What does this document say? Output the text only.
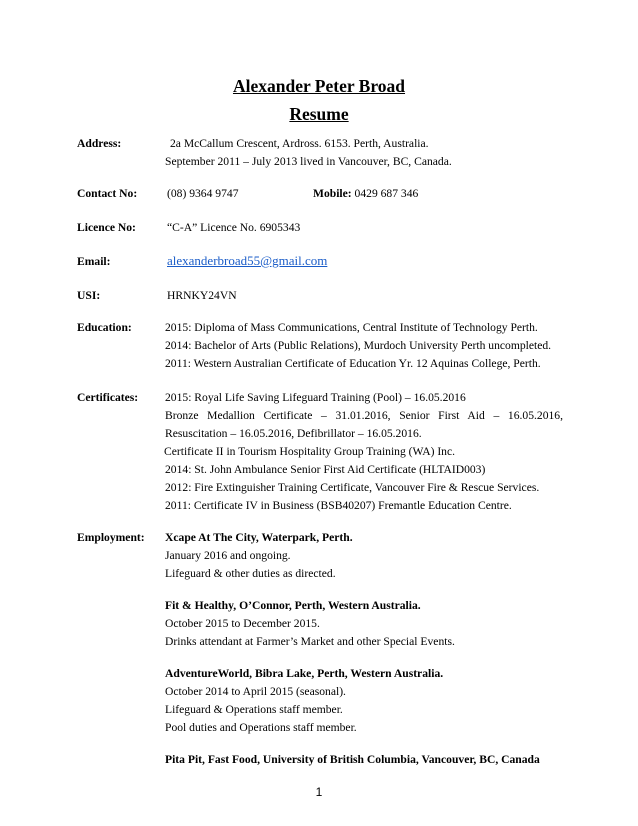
Alexander Peter Broad
Resume
Address:	2a McCallum Crescent, Ardross. 6153. Perth, Australia.
September 2011 – July 2013 lived in Vancouver, BC, Canada.
Contact No:	(08) 9364 9747	Mobile: 0429 687 346
Licence No:	“C-A” Licence No. 6905343
Email:	alexanderbroad55@gmail.com
USI:	HRNKY24VN
Education:	2015: Diploma of Mass Communications, Central Institute of Technology Perth.
2014: Bachelor of Arts (Public Relations), Murdoch University Perth uncompleted.
2011: Western Australian Certificate of Education Yr. 12 Aquinas College, Perth.
Certificates: 2015: Royal Life Saving Lifeguard Training (Pool) – 16.05.2016
Bronze Medallion Certificate – 31.01.2016, Senior First Aid – 16.05.2016,
Resuscitation – 16.05.2016, Defibrillator – 16.05.2016.
Certificate II in Tourism Hospitality Group Training (WA) Inc.
2014: St. John Ambulance Senior First Aid Certificate (HLTAID003)
2012: Fire Extinguisher Training Certificate, Vancouver Fire & Rescue Services.
2011: Certificate IV in Business (BSB40207) Fremantle Education Centre.
Employment: Xcape At The City, Waterpark, Perth.
January 2016 and ongoing.
Lifeguard & other duties as directed.
Fit & Healthy, O’Connor, Perth, Western Australia.
October 2015 to December 2015.
Drinks attendant at Farmer’s Market and other Special Events.
AdventureWorld, Bibra Lake, Perth, Western Australia.
October 2014 to April 2015 (seasonal).
Lifeguard & Operations staff member.
Pool duties and Operations staff member.
Pita Pit, Fast Food, University of British Columbia, Vancouver, BC, Canada
1
